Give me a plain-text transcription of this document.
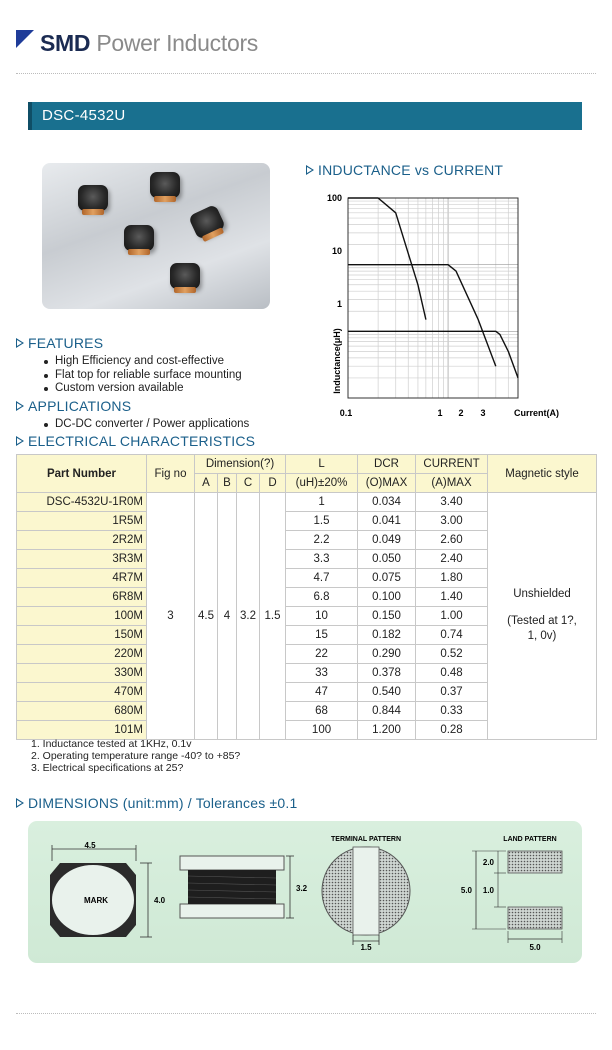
SMD Power Inductors
DSC-4532U
INDUCTANCE vs CURRENT
100
10
1
0.1	1 2 3	Current(A)
Inductance(μH)
FEATURES
High Efficiency and cost-effective
Flat top for reliable surface mounting
Custom version available
APPLICATIONS
DC-DC converter / Power applications
ELECTRICAL CHARACTERISTICS
Part Number	Fig no	Dimension(?)				L	DCR	CURRENT	Magnetic style
		A	B	C	D	(uH)±20%	(O)MAX	(A)MAX	
DSC-4532U-1R0M	3	4.5	4	3.2	1.5	1	0.034	3.40	Unshielded
(Tested at 1?, 1, 0v)

1R5M						1.5	0.041	3.00	
2R2M						2.2	0.049	2.60	
3R3M						3.3	0.050	2.40	
4R7M						4.7	0.075	1.80	
6R8M						6.8	0.100	1.40	
100M						10	0.150	1.00	
150M						15	0.182	0.74	
220M						22	0.290	0.52	
330M						33	0.378	0.48	
470M						47	0.540	0.37	
680M						68	0.844	0.33	
101M						100	1.200	0.28	
1. Inductance tested at 1KHz, 0.1v
2. Operating temperature range -40? to +85?
3. Electrical specifications at 25?
DIMENSIONS (unit:mm) / Tolerances ±0.1
4.5
MARK	4.0
3.2
TERMINAL PATTERN
1.5
LAND PATTERN
2.0
1.0
5.0
5.0
